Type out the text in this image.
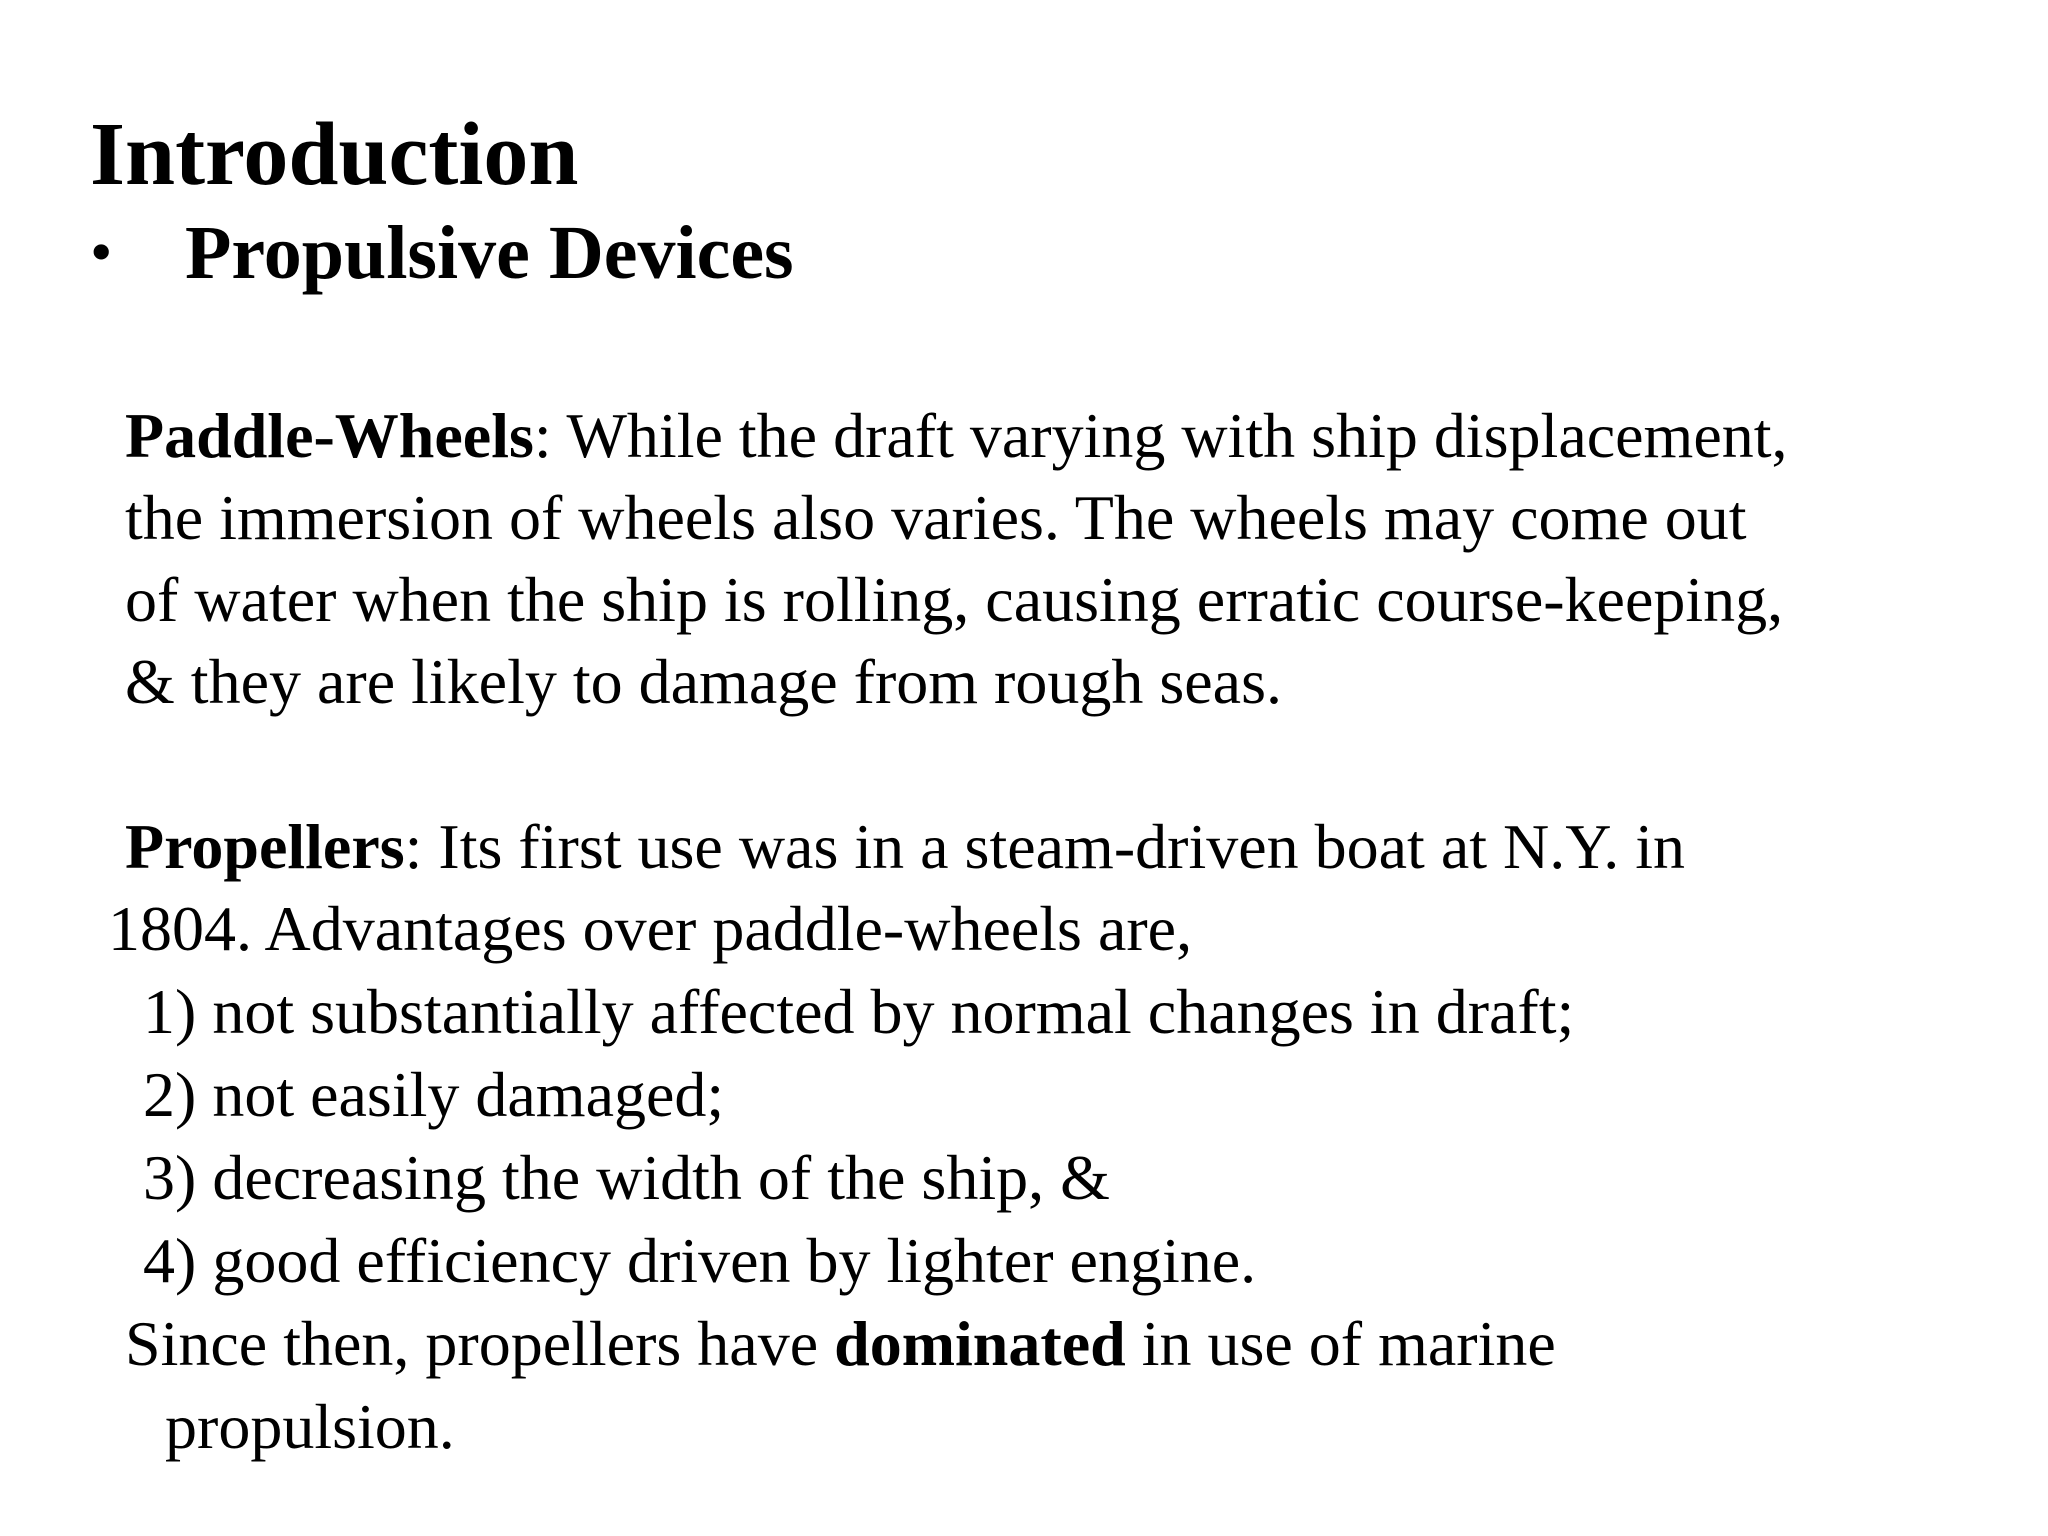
Introduction
• Propulsive Devices
Paddle-Wheels: While the draft varying with ship displacement,
the immersion of wheels also varies. The wheels may come out
of water when the ship is rolling, causing erratic course-keeping,
& they are likely to damage from rough seas.
Propellers: Its first use was in a steam-driven boat at N.Y. in
1804. Advantages over paddle-wheels are,
1) not substantially affected by normal changes in draft;
2) not easily damaged;
3) decreasing the width of the ship, &
4) good efficiency driven by lighter engine.
Since then, propellers have dominated in use of marine
propulsion.
